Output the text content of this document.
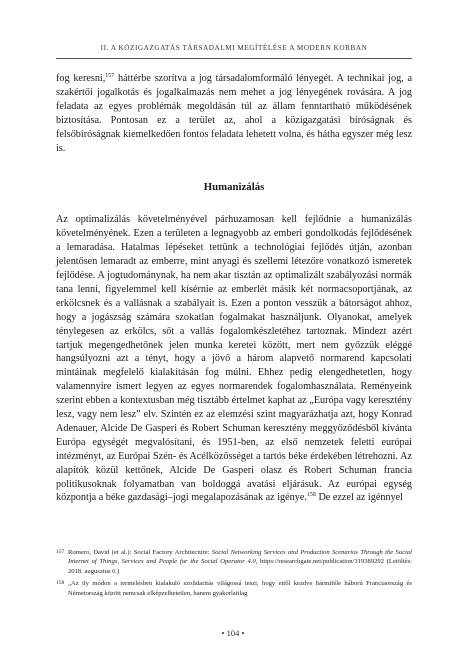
II. A KÖZIGAZGATÁS TÁRSADALMI MEGÍTÉLÉSE A MODERN KORBAN

fog keresni,$^{157}$ háttérbe szorítva a jog társadalomformáló lényegét. A technikai jog, a szakértői jogalkotás és jogalkalmazás nem mehet a jog lényegének rovására. A jog feladata az egyes problémák megoldásán túl az állam fenntartható működésének biztosítása. Pontosan ez a terület az, ahol a közigazgatási bíróságnak és felsőbíróságnak kiemelkedően fontos feladata lehetett volna, és hátha egyszer még lesz is.

Humanizálás

Az optimalizálás követelményével párhuzamosan kell fejlődnie a humanizálás követelményének. Ezen a területen a legnagyobb az emberi gondolkodás fejlődésének a lemaradása. Hatalmas lépéseket tettünk a technológiai fejlődés útján, azonban jelentősen lemaradt az emberre, mint anyagi és szellemi létezőre vonatkozó ismeretek fejlődése. A jogtudománynak, ha nem akar tisztán az optimalizált szabályozási normák tana lenni, figyelemmel kell kísérnie az emberlét másik két normacsoportjának, az erkölcsnek és a vallásnak a szabályait is. Ezen a ponton vesszük a bátorságot ahhoz, hogy a jogászság számára szokatlan fogalmakat használjunk. Olyanokat, amelyek ténylegesen az erkölcs, sőt a vallás fogalomkészletéhez tartoznak. Mindezt azért tartjuk megengedhetőnek jelen munka keretei között, mert nem győzzük eléggé hangsúlyozni azt a tényt, hogy a jövő a három alapvető normarend kapcsolati mintáinak megfelelő kialakításán fog múlni. Ehhez pedig elengedhetetlen, hogy valamennyire ismert legyen az egyes normarendek fogalomhasználata. Reményeink szerint ebben a kontextusban még tisztább értelmet kaphat az „Európa vagy keresztény lesz, vagy nem lesz” elv. Szintén ez az elemzési szint magyarázhatja azt, hogy Konrad Adenauer, Alcide De Gasperi és Robert Schuman keresztény meggyőződésből kívánta Európa egységét megvalósítani, és 1951-ben, az első nemzetek feletti európai intézményt, az Európai Szén- és Acélközösséget a tartós béke érdekében létrehozni. Az alapítók közül kettőnek, Alcide De Gasperi olasz és Robert Schuman francia politikusoknak folyamatban van boldoggá avatási eljárásuk. Az európai egység központja a béke gazdasági–jogi megalapozásának az igénye.$^{158}$ De ezzel az igénnyel

157 Romero, David (et al.): Social Factory Architecture: Social Networking Services and Production Scenarios Through the Social Internet of Things, Services and People for the Social Operator 4.0, https://researchgate.net/publication/319389292 (Letöltés: 2018. augusztus 6.)
158 „Az ily módon a termelésben kialakuló szolidaritás világossá teszi, hogy ettől kezdve bármiféle háború Franciaország és Németország között nemcsak elképzelhetetlen, hanem gyakorlatilag
• 104 •
